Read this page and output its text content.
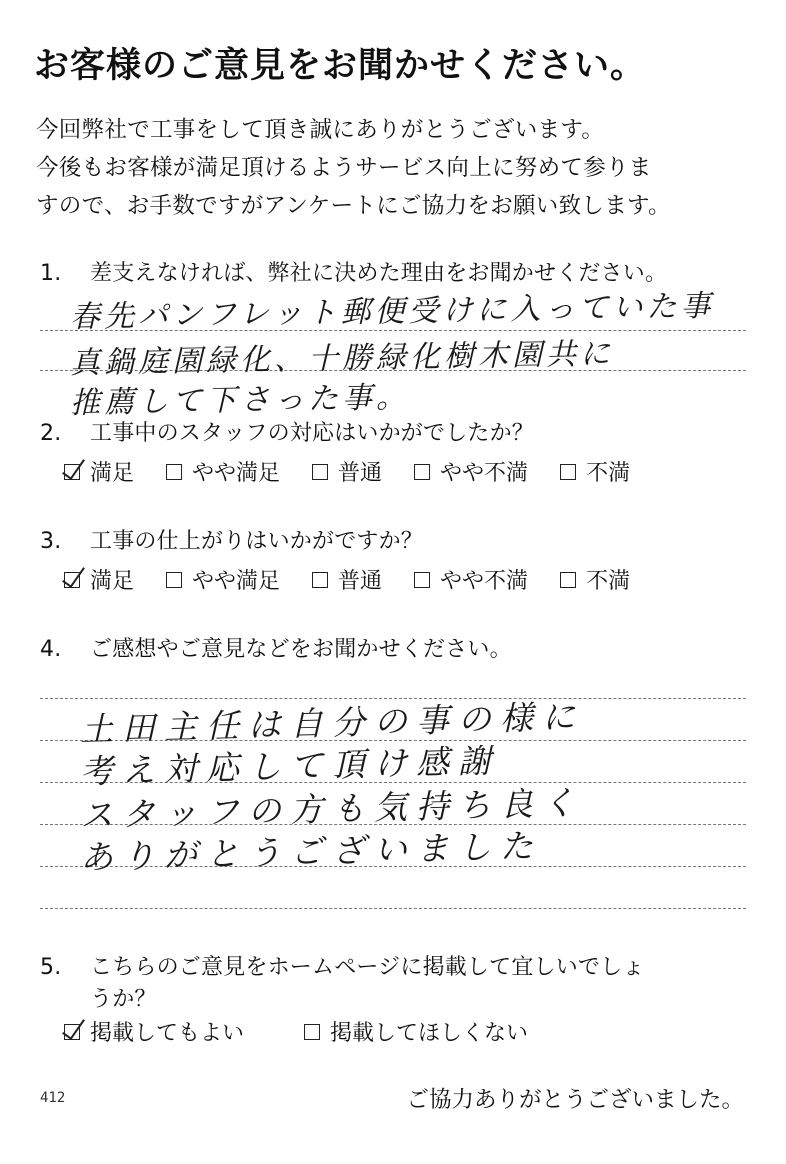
お客様のご意見をお聞かせください。
今回弊社で工事をして頂き誠にありがとうございます。
今後もお客様が満足頂けるようサービス向上に努めて参りま
すので、お手数ですがアンケートにご協力をお願い致します。
1. 差支えなければ、弊社に決めた理由をお聞かせください。
春先パンフレット郵便受けに入っていた事
真鍋庭園緑化、十勝緑化樹木園共に
推薦して下さった事。
2. 工事中のスタッフの対応はいかがでしたか？
満足	やや満足	普通	やや不満	不満
3. 工事の仕上がりはいかがですか？
満足	やや満足	普通	やや不満	不満
4. ご感想やご意見などをお聞かせください。
土田主任は自分の事の様に
考え対応して頂け感謝
スタッフの方も気持ち良く
ありがとうございました
5. こちらのご意見をホームページに掲載して宜しいでしょ
うか？
掲載してもよい	掲載してほしくない
412	ご協力ありがとうございました。
